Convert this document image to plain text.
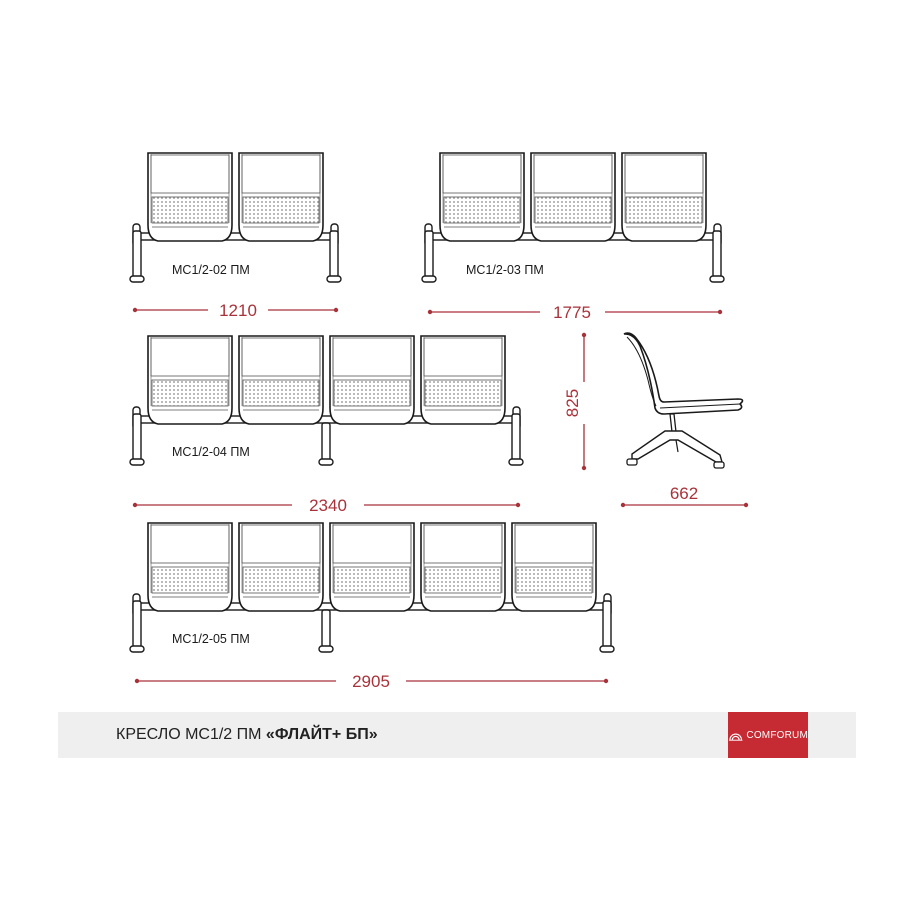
МС1/2-02 ПМ	МС1/2-03 ПМ
МС1/2-04 ПМ
МС1/2-05 ПМ
1210	1775
2340
2905
825
662
КРЕСЛО МС1/2 ПМ «ФЛАЙТ+ БП»	COMFORUM
